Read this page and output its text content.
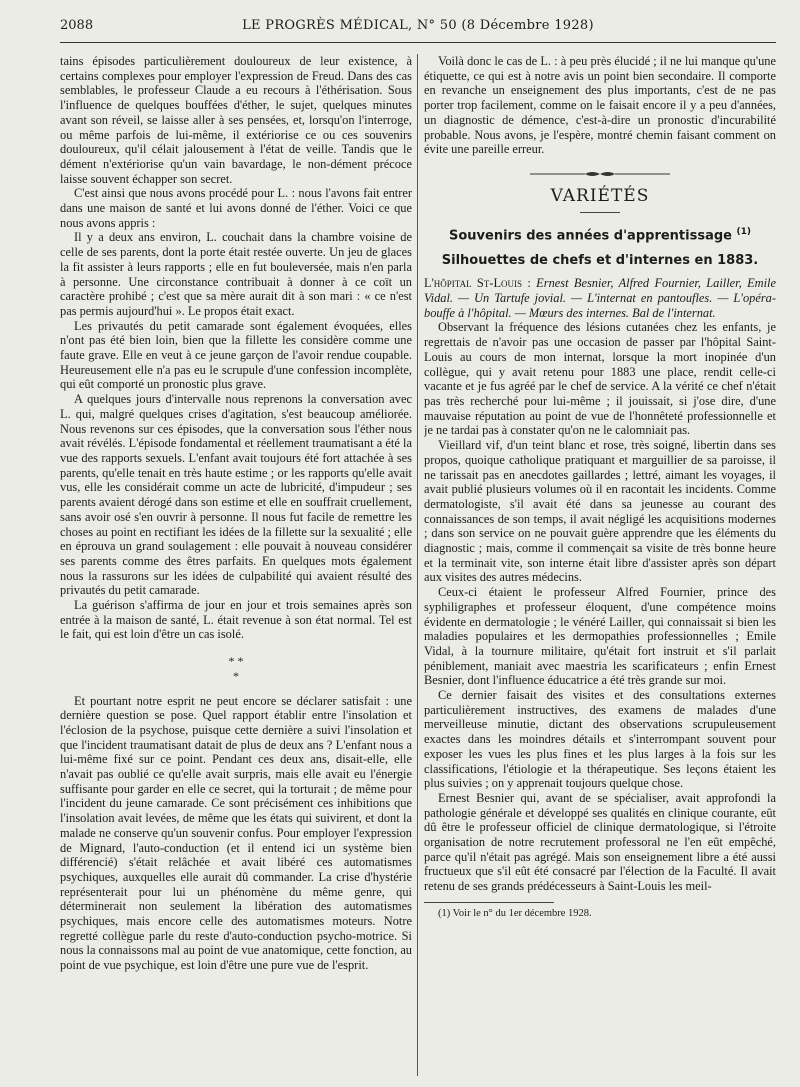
2088	LE PROGRÈS MÉDICAL, N° 50 (8 Décembre 1928)

tains épisodes particulièrement douloureux de leur existence, à certains complexes pour employer l'expression de Freud. Dans des cas semblables, le professeur Claude a eu recours à l'éthérisation. Sous l'influence de quelques bouffées d'éther, le sujet, quelques minutes avant son réveil, se laisse aller à ses pensées, et, lorsqu'on l'interroge, ou même parfois de lui-même, il extériorise ce ou ces souvenirs douloureux, qu'il célait jalousement à l'état de veille. Tandis que le dément n'extériorise qu'un vain bavardage, le non-dément précoce laisse souvent échapper son secret.

C'est ainsi que nous avons procédé pour L. : nous l'avons fait entrer dans une maison de santé et lui avons donné de l'éther. Voici ce que nous avons appris :

Il y a deux ans environ, L. couchait dans la chambre voisine de celle de ses parents, dont la porte était restée ouverte. Un jeu de glaces la fit assister à leurs rapports ; elle en fut bouleversée, mais n'en parla à personne. Une circonstance contribuait à donner à ce coït un caractère prohibé ; c'est que sa mère aurait dit à son mari : « ce n'est pas permis aujourd'hui ». Le propos était exact.

Les privautés du petit camarade sont également évoquées, elles n'ont pas été bien loin, bien que la fillette les considère comme une faute grave. Elle en veut à ce jeune garçon de l'avoir rendue coupable. Heureusement elle n'a pas eu le scrupule d'une confession incomplète, qui eût comporté un pronostic plus grave.

A quelques jours d'intervalle nous reprenons la conversation avec L. qui, malgré quelques crises d'agitation, s'est beaucoup améliorée. Nous revenons sur ces épisodes, que la conversation sous l'éther nous avait révélés. L'épisode fondamental et réellement traumatisant a été la vue des rapports sexuels. L'enfant avait toujours été fort attachée à ses parents, qu'elle tenait en très haute estime ; or les rapports qu'elle avait vus, elle les considérait comme un acte de lubricité, d'impudeur ; ses parents avaient dérogé dans son estime et elle en souffrait cruellement, sans avoir osé s'en ouvrir à personne. Il nous fut facile de remettre les choses au point en rectifiant les idées de la fillette sur la sexualité ; elle en éprouva un grand soulagement : elle pouvait à nouveau considérer ses parents comme des êtres parfaits. En quelques mots également nous la rassurons sur les idées de culpabilité qui avaient résulté des privautés du petit camarade.

La guérison s'affirma de jour en jour et trois semaines après son entrée à la maison de santé, L. était revenue à son état normal. Tel est le fait, qui est loin d'être un cas isolé.

* *
*

Et pourtant notre esprit ne peut encore se déclarer satisfait : une dernière question se pose. Quel rapport établir entre l'insolation et l'éclosion de la psychose, puisque cette dernière a suivi l'insolation et que l'incident traumatisant datait de plus de deux ans ? L'enfant nous a lui-même fixé sur ce point. Pendant ces deux ans, disait-elle, elle n'avait pas oublié ce qu'elle avait surpris, mais elle avait eu l'énergie suffisante pour garder en elle ce secret, qui la torturait ; de même pour l'incident du jeune camarade. Ce sont précisément ces inhibitions que l'insolation avait levées, de même que les états qui suivirent, et dont la malade ne conserve qu'un souvenir confus. Pour employer l'expression de Mignard, l'auto-conduction (et il entend ici un système bien différencié) s'était relâchée et avait libéré ces automatismes psychiques, auxquelles elle aurait dû commander. La crise d'hystérie représenterait pour lui un phénomène du même genre, qui déterminerait non seulement la libération des automatismes psychiques, mais encore celle des automatismes moteurs. Notre regretté collègue parle du reste d'auto-conduction psycho-motrice. Si nous la connaissons mal au point de vue anatomique, cette fonction, au point de vue psychique, est loin d'être une pure vue de l'esprit.

Voilà donc le cas de L. : à peu près élucidé ; il ne lui manque qu'une étiquette, ce qui est à notre avis un point bien secondaire. Il comporte en revanche un enseignement des plus importants, c'est de ne pas porter trop facilement, comme on le faisait encore il y a peu d'années, un diagnostic de démence, c'est-à-dire un pronostic d'incurabilité probable. Nous avons, je l'espère, montré chemin faisant comment on évite une pareille erreur.

VARIÉTÉS
Souvenirs des années d'apprentissage $^{(1)}$
Silhouettes de chefs et d'internes en 1883.

L'hôpital St-Louis : Ernest Besnier, Alfred Fournier, Lailler, Emile Vidal. — Un Tartufe jovial. — L'internat en pantoufles. — L'opéra-bouffe à l'hôpital. — Mœurs des internes. Bal de l'internat.

Observant la fréquence des lésions cutanées chez les enfants, je regrettais de n'avoir pas une occasion de passer par l'hôpital Saint-Louis au cours de mon internat, lorsque la mort inopinée d'un collègue, qui y avait retenu pour 1883 une place, rendit celle-ci vacante et je fus agréé par le chef de service. A la vérité ce chef n'était pas très recherché pour lui-même ; il jouissait, si j'ose dire, d'une mauvaise réputation au point de vue de l'honnêteté professionnelle et je ne tardai pas à constater qu'on ne le calomniait pas.

Vieillard vif, d'un teint blanc et rose, très soigné, libertin dans ses propos, quoique catholique pratiquant et marguillier de sa paroisse, il ne tarissait pas en anecdotes gaillardes ; lettré, aimant les voyages, il avait publié plusieurs volumes où il en racontait les incidents. Comme dermatologiste, s'il avait été dans sa jeunesse au courant des connaissances de son temps, il avait négligé les acquisitions modernes ; dans son service on ne pouvait guère apprendre que les éléments du diagnostic ; mais, comme il commençait sa visite de très bonne heure et la terminait vite, son interne était libre d'assister après son départ aux visites des autres médecins.

Ceux-ci étaient le professeur Alfred Fournier, prince des syphiligraphes et professeur éloquent, d'une compétence moins évidente en dermatologie ; le vénéré Lailler, qui connaissait si bien les maladies populaires et les dermopathies professionnelles ; Emile Vidal, à la tournure militaire, qu'était fort instruit et s'il parlait péniblement, maniait avec maestria les scarificateurs ; enfin Ernest Besnier, dont l'influence éducatrice a été très grande sur moi.

Ce dernier faisait des visites et des consultations externes particulièrement instructives, des examens de malades d'une merveilleuse minutie, dictant des observations scrupuleusement exactes dans les moindres détails et s'interrompant souvent pour exposer les vues les plus fines et les plus larges à la fois sur les classifications, l'étiologie et la thérapeutique. Ses leçons étaient les plus suivies ; on y apprenait toujours quelque chose.

Ernest Besnier qui, avant de se spécialiser, avait approfondi la pathologie générale et développé ses qualités en clinique courante, eût dû être le professeur officiel de clinique dermatologique, si l'étroite organisation de notre recrutement professoral ne l'en eût empêché, parce qu'il n'était pas agrégé. Mais son enseignement libre a été aussi fructueux que s'il eût été consacré par l'élection de la Faculté. Il avait retenu de ses grands prédécesseurs à Saint-Louis les meil-

(1) Voir le n° du 1er décembre 1928.
